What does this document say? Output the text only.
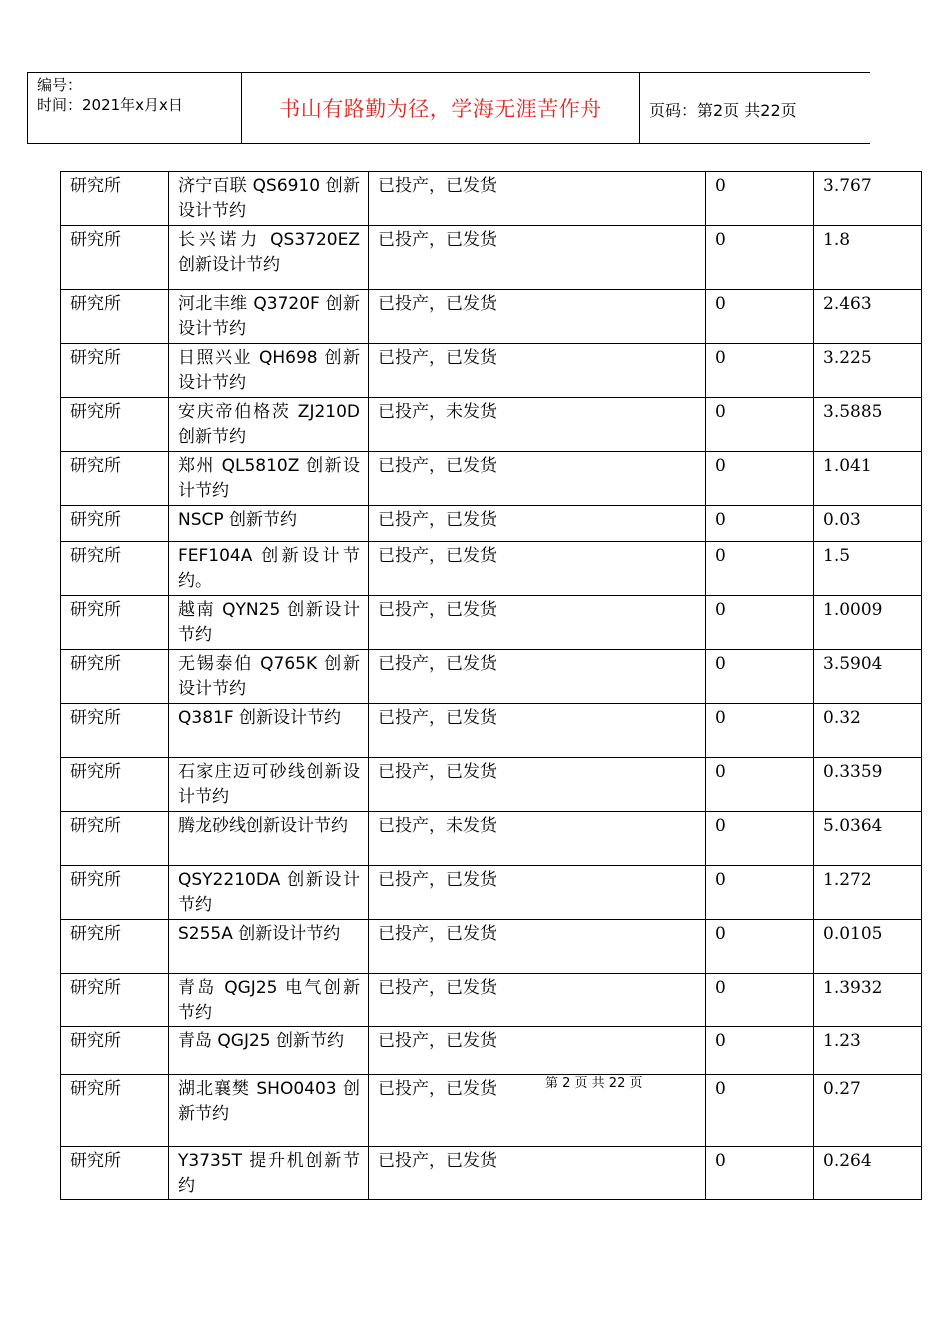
编号：
时间：2021年x月x日	书山有路勤为径，学海无涯苦作舟	页码：第2页 共22页
研究所	济宁百联 QS6910 创新设计节约	已投产，已发货	0	3.767
研究所	长兴诺力 QS3720EZ 创新设计节约	已投产，已发货	0	1.8
研究所	河北丰维 Q3720F 创新设计节约	已投产，已发货	0	2.463
研究所	日照兴业 QH698 创新设计节约	已投产，已发货	0	3.225
研究所	安庆帝伯格茨 ZJ210D 创新节约	已投产，未发货	0	3.5885
研究所	郑州 QL5810Z 创新设计节约	已投产，已发货	0	1.041
研究所	NSCP 创新节约	已投产，已发货	0	0.03
研究所	FEF104A 创新设计节约。	已投产，已发货	0	1.5
研究所	越南 QYN25 创新设计节约	已投产，已发货	0	1.0009
研究所	无锡泰伯 Q765K 创新设计节约	已投产，已发货	0	3.5904
研究所	Q381F 创新设计节约	已投产，已发货	0	0.32
研究所	石家庄迈可砂线创新设计节约	已投产，已发货	0	0.3359
研究所	腾龙砂线创新设计节约	已投产，未发货	0	5.0364
研究所	QSY2210DA 创新设计节约	已投产，已发货	0	1.272
研究所	S255A 创新设计节约	已投产，已发货	0	0.0105
研究所	青岛 QGJ25 电气创新节约	已投产，已发货	0	1.3932
研究所	青岛 QGJ25 创新节约	已投产，已发货	0	1.23
研究所	湖北襄樊 SHO0403 创新节约	已投产，已发货	0	0.27
研究所	Y3735T 提升机创新节约	已投产，已发货	0	0.264
第 2 页 共 22 页
